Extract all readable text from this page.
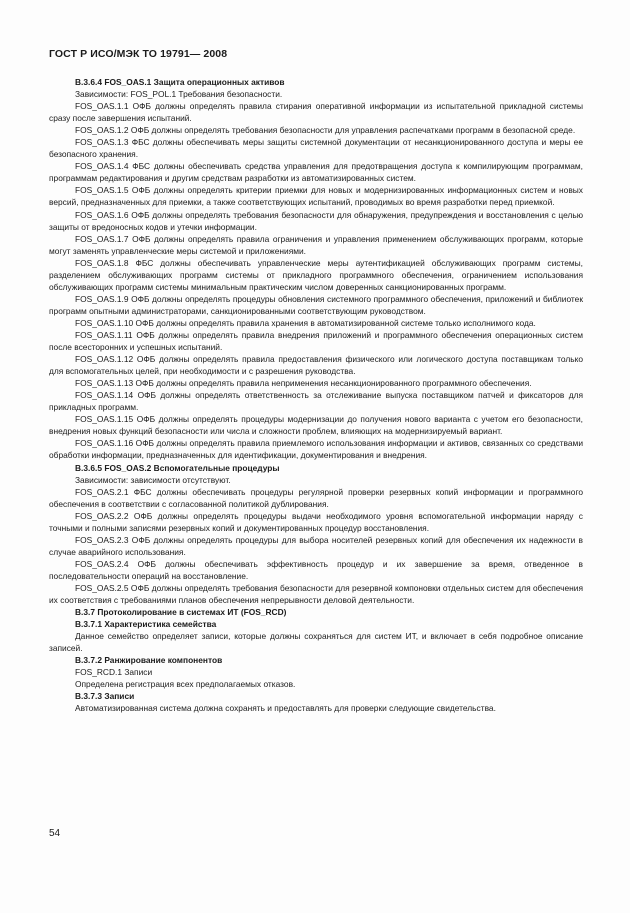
ГОСТ Р ИСО/МЭК ТО 19791— 2008

B.3.6.4 FOS_OAS.1 Защита операционных активов

Зависимости: FOS_POL.1 Требования безопасности.

FOS_OAS.1.1 ОФБ должны определять правила стирания оперативной информации из испытательной прикладной системы сразу после завершения испытаний.

FOS_OAS.1.2 ОФБ должны определять требования безопасности для управления распечатками программ в безопасной среде.

FOS_OAS.1.3 ФБС должны обеспечивать меры защиты системной документации от несанкционированного доступа и меры ее безопасного хранения.

FOS_OAS.1.4 ФБС должны обеспечивать средства управления для предотвращения доступа к компилирующим программам, программам редактирования и другим средствам разработки из автоматизированных систем.

FOS_OAS.1.5 ОФБ должны определять критерии приемки для новых и модернизированных информационных систем и новых версий, предназначенных для приемки, а также соответствующих испытаний, проводимых во время разработки перед приемкой.

FOS_OAS.1.6 ОФБ должны определять требования безопасности для обнаружения, предупреждения и восстановления с целью защиты от вредоносных кодов и утечки информации.

FOS_OAS.1.7 ОФБ должны определять правила ограничения и управления применением обслуживающих программ, которые могут заменять управленческие меры системой и приложениями.

FOS_OAS.1.8 ФБС должны обеспечивать управленческие меры аутентификацией обслуживающих программ системы, разделением обслуживающих программ системы от прикладного программного обеспечения, ограничением использования обслуживающих программ системы минимальным практическим числом доверенных санкционированных программ.

FOS_OAS.1.9 ОФБ должны определять процедуры обновления системного программного обеспечения, приложений и библиотек программ опытными администраторами, санкционированными соответствующим руководством.

FOS_OAS.1.10 ОФБ должны определять правила хранения в автоматизированной системе только исполнимого кода.

FOS_OAS.1.11 ОФБ должны определять правила внедрения приложений и программного обеспечения операционных систем после всесторонних и успешных испытаний.

FOS_OAS.1.12 ОФБ должны определять правила предоставления физического или логического доступа поставщикам только для вспомогательных целей, при необходимости и с разрешения руководства.

FOS_OAS.1.13 ОФБ должны определять правила неприменения несанкционированного программного обеспечения.

FOS_OAS.1.14 ОФБ должны определять ответственность за отслеживание выпуска поставщиком патчей и фиксаторов для прикладных программ.

FOS_OAS.1.15 ОФБ должны определять процедуры модернизации до получения нового варианта с учетом его безопасности, внедрения новых функций безопасности или числа и сложности проблем, влияющих на модернизируемый вариант.

FOS_OAS.1.16 ОФБ должны определять правила приемлемого использования информации и активов, связанных со средствами обработки информации, предназначенных для идентификации, документирования и внедрения.

B.3.6.5 FOS_OAS.2 Вспомогательные процедуры

Зависимости: зависимости отсутствуют.

FOS_OAS.2.1 ФБС должны обеспечивать процедуры регулярной проверки резервных копий информации и программного обеспечения в соответствии с согласованной политикой дублирования.

FOS_OAS.2.2 ОФБ должны определять процедуры выдачи необходимого уровня вспомогательной информации наряду с точными и полными записями резервных копий и документированных процедур восстановления.

FOS_OAS.2.3 ОФБ должны определять процедуры для выбора носителей резервных копий для обеспечения их надежности в случае аварийного использования.

FOS_OAS.2.4 ОФБ должны обеспечивать эффективность процедур и их завершение за время, отведенное в последовательности операций на восстановление.

FOS_OAS.2.5 ОФБ должны определять требования безопасности для резервной компоновки отдельных систем для обеспечения их соответствия с требованиями планов обеспечения непрерывности деловой деятельности.

B.3.7 Протоколирование в системах ИТ (FOS_RCD)

B.3.7.1 Характеристика семейства

Данное семейство определяет записи, которые должны сохраняться для систем ИТ, и включает в себя подробное описание записей.

B.3.7.2 Ранжирование компонентов

FOS_RCD.1 Записи

Определена регистрация всех предполагаемых отказов.

B.3.7.3 Записи

Автоматизированная система должна сохранять и предоставлять для проверки следующие свидетельства.

54
